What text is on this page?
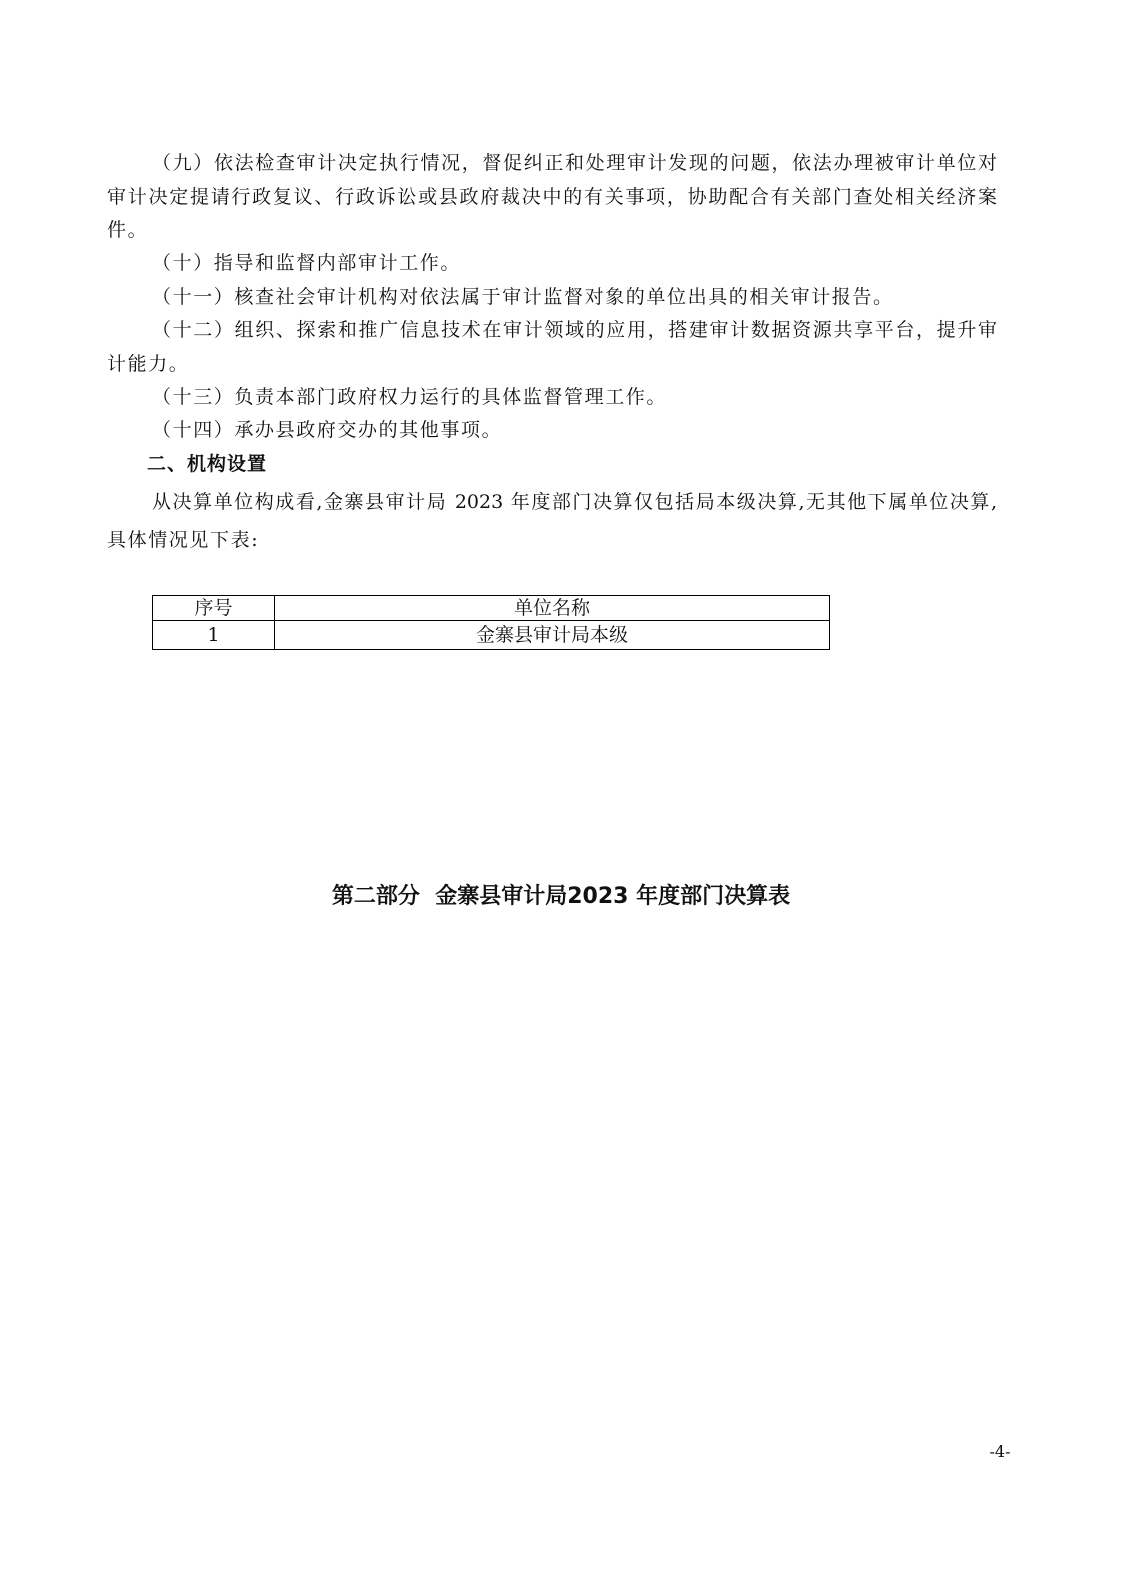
（九）依法检查审计决定执行情况，督促纠正和处理审计发现的问题，依法办理被审计单位对
审计决定提请行政复议、行政诉讼或县政府裁决中的有关事项，协助配合有关部门查处相关经济案
件。
（十）指导和监督内部审计工作。
（十一）核查社会审计机构对依法属于审计监督对象的单位出具的相关审计报告。
（十二）组织、探索和推广信息技术在审计领域的应用，搭建审计数据资源共享平台，提升审
计能力。
（十三）负责本部门政府权力运行的具体监督管理工作。
（十四）承办县政府交办的其他事项。
二、机构设置
从决算单位构成看,金寨县审计局 2023 年度部门决算仅包括局本级决算,无其他下属单位决算,
具体情况见下表:
序号	单位名称
1	金寨县审计局本级
第二部分  金寨县审计局2023 年度部门决算表
-4-
